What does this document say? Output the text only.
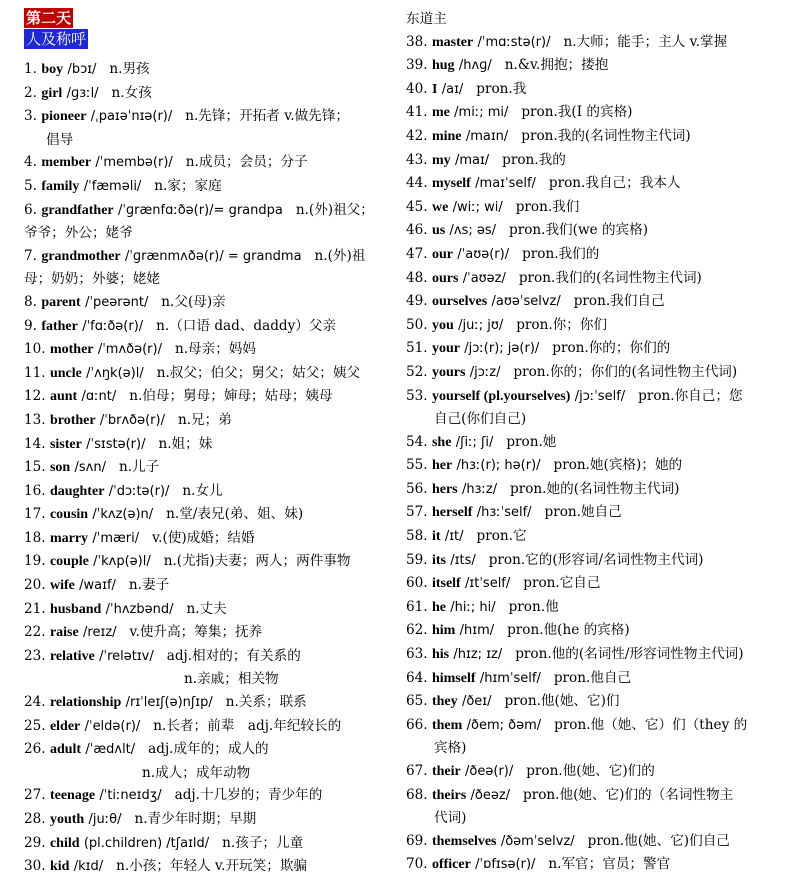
第二天
人及称呼
1. boy /bɔɪ/ n.男孩
2. girl /ɡɜːl/ n.女孩
3. pioneer /ˌpaɪəˈnɪə(r)/ n.先锋；开拓者 v.做先锋；
倡导
4. member /ˈmembə(r)/ n.成员；会员；分子
5. family /ˈfæməli/ n.家；家庭
6. grandfather /ˈɡrænfɑːðə(r)/= grandpa n.(外)祖父；
爷爷；外公；姥爷
7. grandmother /ˈɡrænmʌðə(r)/ = grandma n.(外)祖
母；奶奶；外婆；姥姥
8. parent /ˈpeərənt/ n.父(母)亲
9. father /ˈfɑːðə(r)/ n.（口语 dad、daddy）父亲
10. mother /ˈmʌðə(r)/ n.母亲；妈妈
11. uncle /ˈʌŋk(ə)l/ n.叔父；伯父；舅父；姑父；姨父
12. aunt /ɑːnt/ n.伯母；舅母；婶母；姑母；姨母
13. brother /ˈbrʌðə(r)/ n.兄；弟
14. sister /ˈsɪstə(r)/ n.姐；妹
15. son /sʌn/ n.儿子
16. daughter /ˈdɔːtə(r)/ n.女儿
17. cousin /ˈkʌz(ə)n/ n.堂/表兄(弟、姐、妹)
18. marry /ˈmæri/ v.(使)成婚；结婚
19. couple /ˈkʌp(ə)l/ n.(尤指)夫妻；两人；两件事物
20. wife /waɪf/ n.妻子
21. husband /ˈhʌzbənd/ n.丈夫
22. raise /reɪz/ v.使升高；筹集；抚养
23. relative /ˈrelətɪv/ adj.相对的；有关系的
n.亲戚；相关物
24. relationship /rɪˈleɪʃ(ə)nʃɪp/ n.关系；联系
25. elder /ˈeldə(r)/ n.长者；前辈　adj.年纪较长的
26. adult /ˈædʌlt/ adj.成年的；成人的
n.成人；成年动物
27. teenage /ˈtiːneɪdʒ/ adj.十几岁的；青少年的
28. youth /juːθ/ n.青少年时期；早期
29. child (pl.children) /tʃaɪld/ n.孩子；儿童
30. kid /kɪd/ n.小孩；年轻人 v.开玩笑；欺骗
东道主
38. master /ˈmɑːstə(r)/ n.大师；能手；主人 v.掌握
39. hug /hʌɡ/ n.&v.拥抱；搂抱
40. I /aɪ/ pron.我
41. me /miː; mi/ pron.我(I 的宾格)
42. mine /maɪn/ pron.我的(名词性物主代词)
43. my /maɪ/ pron.我的
44. myself /maɪˈself/ pron.我自己；我本人
45. we /wiː; wi/ pron.我们
46. us /ʌs; əs/ pron.我们(we 的宾格)
47. our /ˈaʊə(r)/ pron.我们的
48. ours /ˈaʊəz/ pron.我们的(名词性物主代词)
49. ourselves /aʊəˈselvz/ pron.我们自己
50. you /juː; jʊ/ pron.你；你们
51. your /jɔː(r); jə(r)/ pron.你的；你们的
52. yours /jɔːz/ pron.你的；你们的(名词性物主代词)
53. yourself (pl.yourselves) /jɔːˈself/ pron.你自己；您
自己(你们自己)
54. she /ʃiː; ʃi/ pron.她
55. her /hɜː(r); hə(r)/ pron.她(宾格)；她的
56. hers /hɜːz/ pron.她的(名词性物主代词)
57. herself /hɜːˈself/ pron.她自己
58. it /ɪt/ pron.它
59. its /ɪts/ pron.它的(形容词/名词性物主代词)
60. itself /ɪtˈself/ pron.它自己
61. he /hiː; hi/ pron.他
62. him /hɪm/ pron.他(he 的宾格)
63. his /hɪz; ɪz/ pron.他的(名词性/形容词性物主代词)
64. himself /hɪmˈself/ pron.他自己
65. they /ðeɪ/ pron.他(她、它)们
66. them /ðem; ðəm/ pron.他（她、它）们（they 的
宾格)
67. their /ðeə(r)/ pron.他(她、它)们的
68. theirs /ðeəz/ pron.他(她、它)们的（名词性物主
代词)
69. themselves /ðəmˈselvz/ pron.他(她、它)们自己
70. officer /ˈɒfɪsə(r)/ n.军官；官员；警官
